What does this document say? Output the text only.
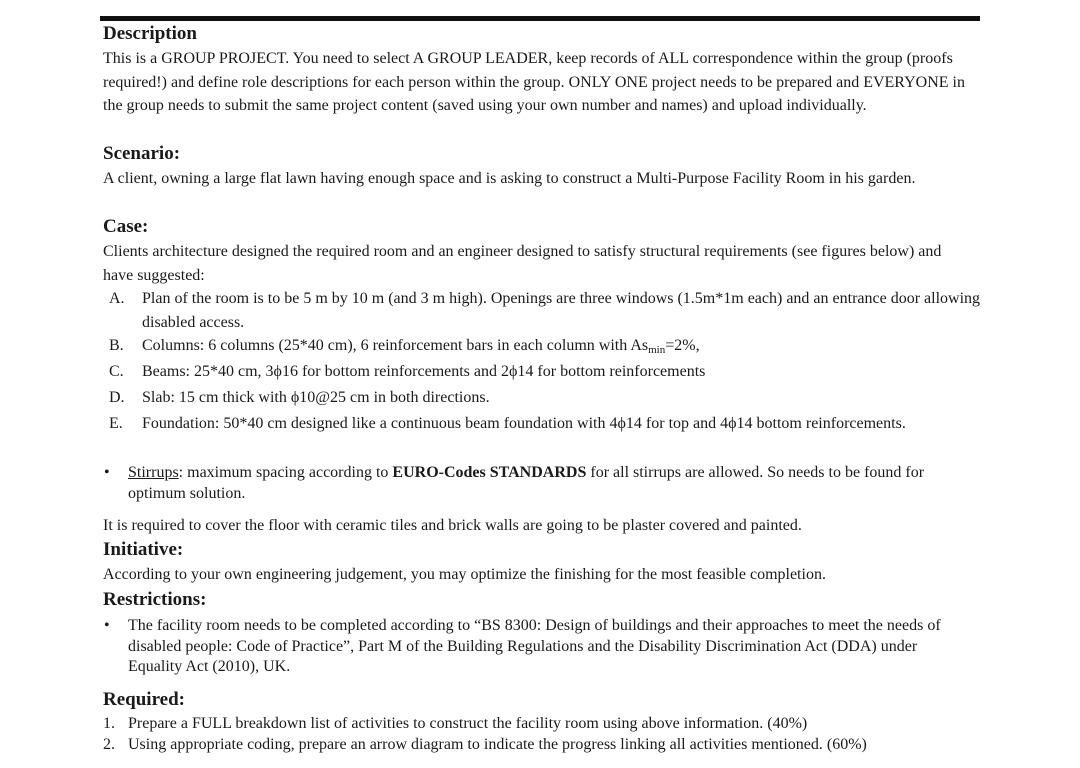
Description
This is a GROUP PROJECT. You need to select A GROUP LEADER, keep records of ALL correspondence within the group (proofs required!) and define role descriptions for each person within the group. ONLY ONE project needs to be prepared and EVERYONE in the group needs to submit the same project content (saved using your own number and names) and upload individually.
Scenario:
A client, owning a large flat lawn having enough space and is asking to construct a Multi-Purpose Facility Room in his garden.
Case:
Clients architecture designed the required room and an engineer designed to satisfy structural requirements (see figures below) and have suggested:
A. Plan of the room is to be 5 m by 10 m (and 3 m high). Openings are three windows (1.5m*1m each) and an entrance door allowing disabled access.
B. Columns: 6 columns (25*40 cm), 6 reinforcement bars in each column with $As_{min}=2\%$,
C. Beams: 25*40 cm, 3ϕ16 for bottom reinforcements and 2ϕ14 for bottom reinforcements
D. Slab: 15 cm thick with ϕ10@25 cm in both directions.
E. Foundation: 50*40 cm designed like a continuous beam foundation with 4ϕ14 for top and 4ϕ14 bottom reinforcements.
• Stirrups: maximum spacing according to EURO-Codes STANDARDS for all stirrups are allowed. So needs to be found for optimum solution.
It is required to cover the floor with ceramic tiles and brick walls are going to be plaster covered and painted.
Initiative:
According to your own engineering judgement, you may optimize the finishing for the most feasible completion.
Restrictions:
• The facility room needs to be completed according to “BS 8300: Design of buildings and their approaches to meet the needs of disabled people: Code of Practice”, Part M of the Building Regulations and the Disability Discrimination Act (DDA) under Equality Act (2010), UK.
Required:
1. Prepare a FULL breakdown list of activities to construct the facility room using above information. (40%)
2. Using appropriate coding, prepare an arrow diagram to indicate the progress linking all activities mentioned. (60%)
